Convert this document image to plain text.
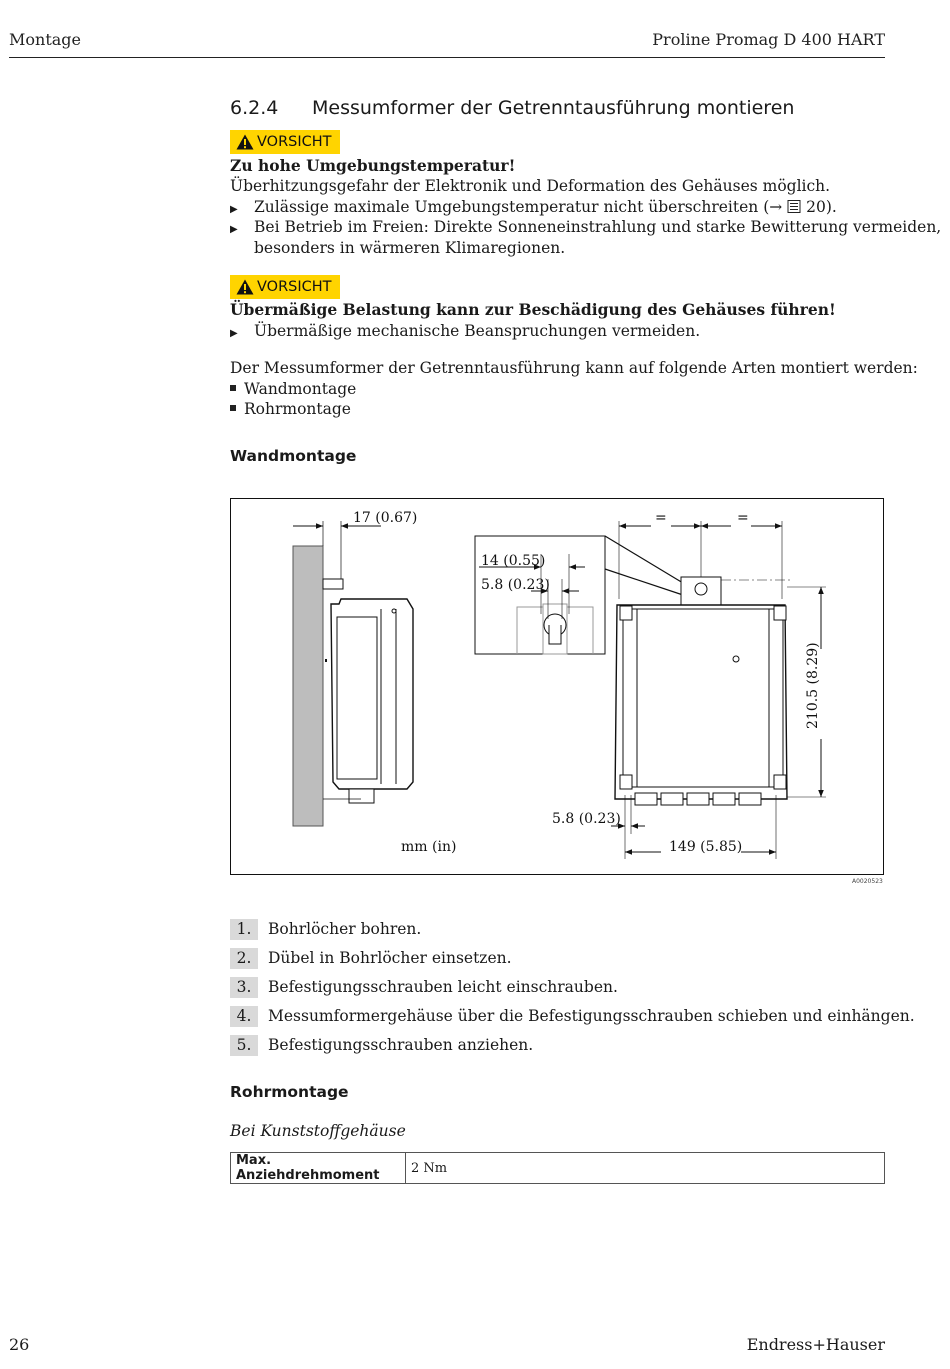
Montage	Proline Promag D 400 HART
6.2.4 Messumformer der Getrenntausführung montieren
VORSICHT
Zu hohe Umgebungstemperatur!
Überhitzungsgefahr der Elektronik und Deformation des Gehäuses möglich.
▶ Zulässige maximale Umgebungstemperatur nicht überschreiten (→  20).
▶ Bei Betrieb im Freien: Direkte Sonneneinstrahlung und starke Bewitterung vermeiden,
besonders in wärmeren Klimaregionen.
VORSICHT
Übermäßige Belastung kann zur Beschädigung des Gehäuses führen!
▶ Übermäßige mechanische Beanspruchungen vermeiden.
Der Messumformer der Getrenntausführung kann auf folgende Arten montiert werden:
Wandmontage
Rohrmontage
Wandmontage
17 (0.67)
14 (0.55)
5.8 (0.23)
=	=
210.5 (8.29)
5.8 (0.23)
149 (5.85)
mm (in)
A0020523
1.	Bohrlöcher bohren.
2.	Dübel in Bohrlöcher einsetzen.
3.	Befestigungsschrauben leicht einschrauben.
4.	Messumformergehäuse über die Befestigungsschrauben schieben und einhängen.
5.	Befestigungsschrauben anziehen.
Rohrmontage
Bei Kunststoffgehäuse
Max. Anziehdrehmoment	2 Nm
26	Endress+Hauser
